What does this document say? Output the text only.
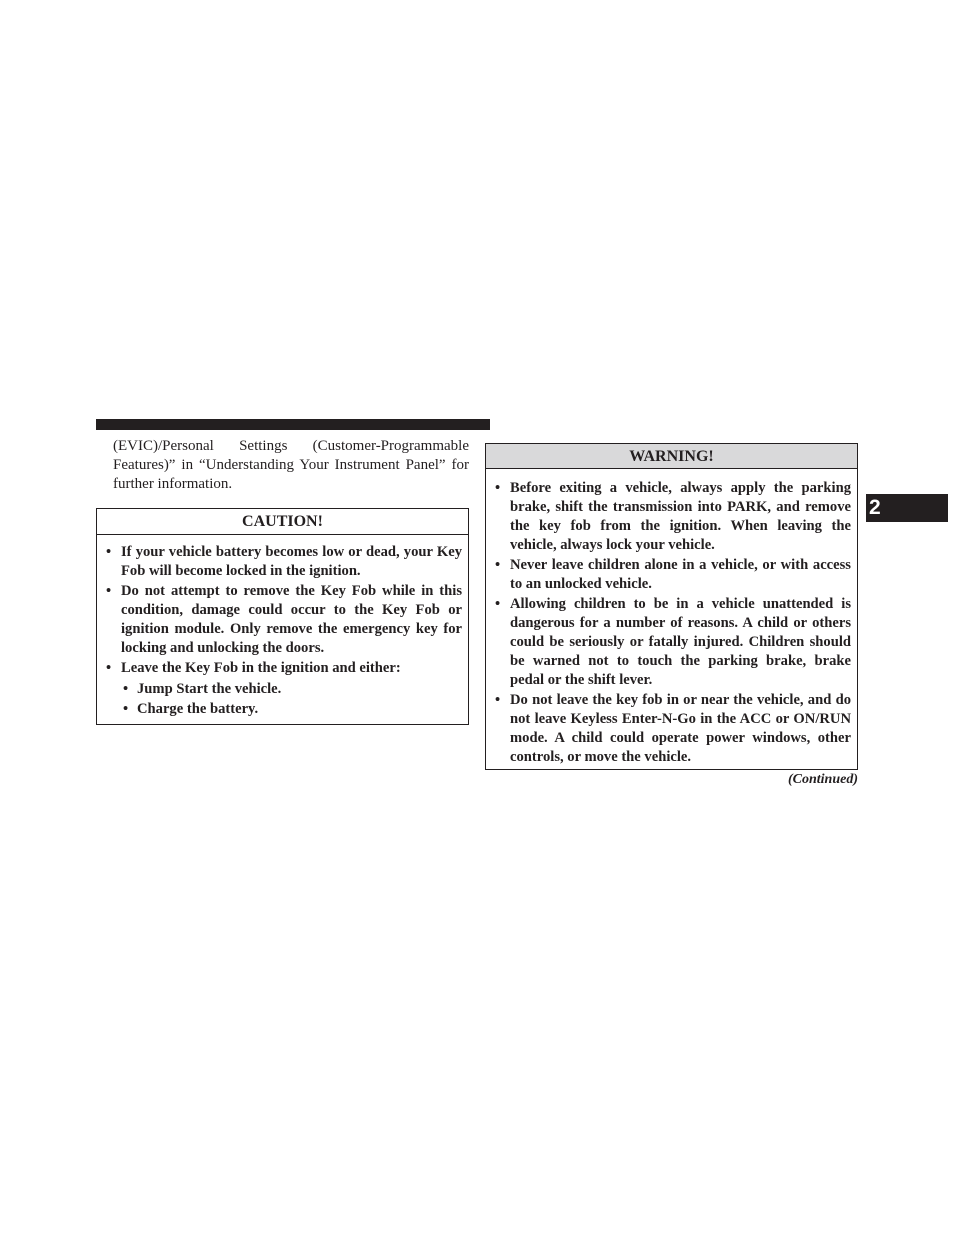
(EVIC)/Personal Settings (Customer-Programmable Features)” in “Understanding Your Instrument Panel” for further information.

CAUTION!
• If your vehicle battery becomes low or dead, your Key Fob will become locked in the ignition.
• Do not attempt to remove the Key Fob while in this condition, damage could occur to the Key Fob or ignition module. Only remove the emergency key for locking and unlocking the doors.
• Leave the Key Fob in the ignition and either:
• Jump Start the vehicle.
• Charge the battery.
WARNING!
• Before exiting a vehicle, always apply the parking brake, shift the transmission into PARK, and remove the key fob from the ignition. When leaving the vehicle, always lock your vehicle.
• Never leave children alone in a vehicle, or with access to an unlocked vehicle.
• Allowing children to be in a vehicle unattended is dangerous for a number of reasons. A child or others could be seriously or fatally injured. Children should be warned not to touch the parking brake, brake pedal or the shift lever.
• Do not leave the key fob in or near the vehicle, and do not leave Keyless Enter-N-Go in the ACC or ON/RUN mode. A child could operate power windows, other controls, or move the vehicle.
(Continued)
2
